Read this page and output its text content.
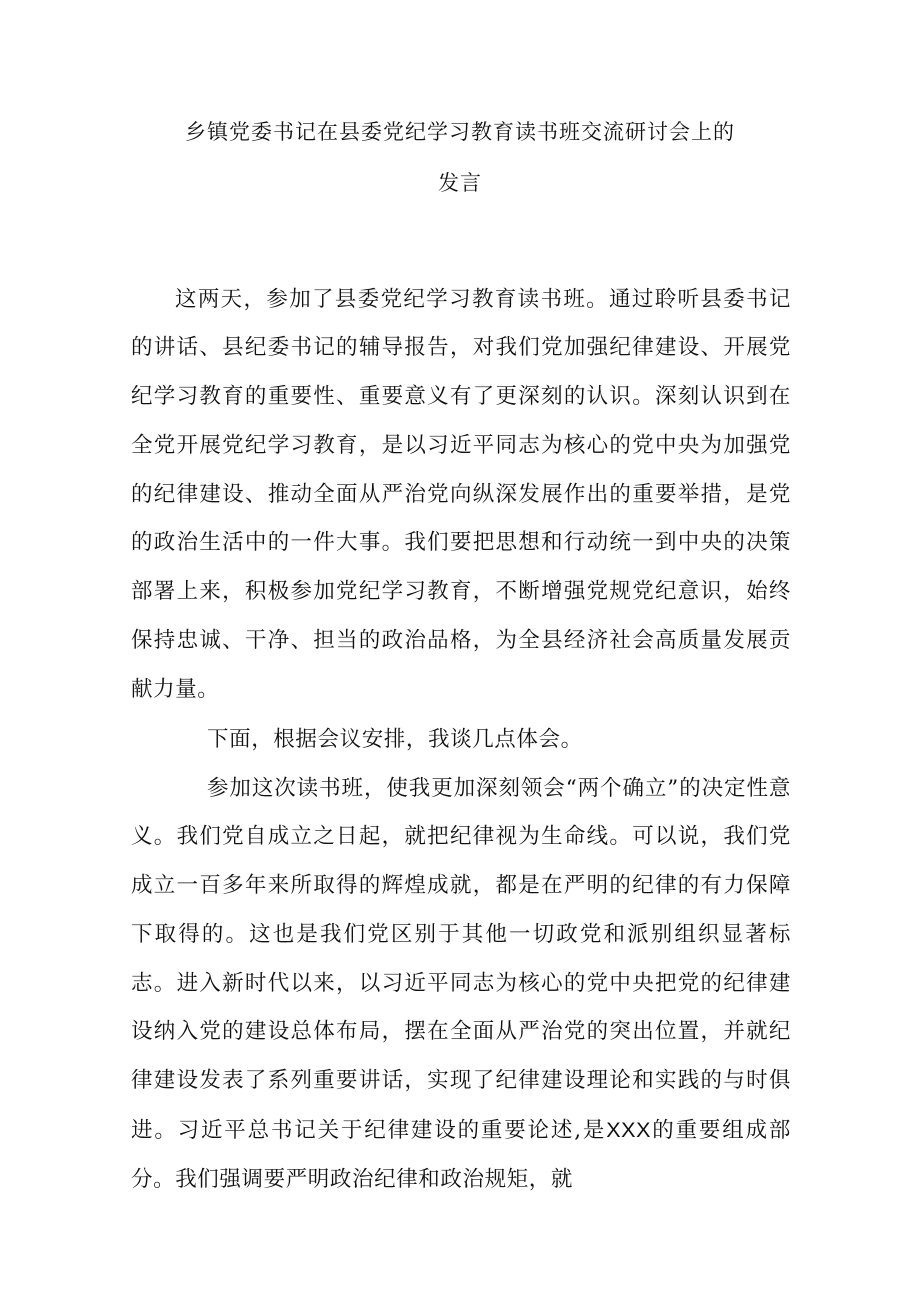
乡镇党委书记在县委党纪学习教育读书班交流研讨会上的
发言

这两天，参加了县委党纪学习教育读书班。通过聆听县委书记的讲话、县纪委书记的辅导报告，对我们党加强纪律建设、开展党纪学习教育的重要性、重要意义有了更深刻的认识。深刻认识到在全党开展党纪学习教育，是以习近平同志为核心的党中央为加强党的纪律建设、推动全面从严治党向纵深发展作出的重要举措，是党的政治生活中的一件大事。我们要把思想和行动统一到中央的决策部署上来，积极参加党纪学习教育，不断增强党规党纪意识，始终保持忠诚、干净、担当的政治品格，为全县经济社会高质量发展贡献力量。

下面，根据会议安排，我谈几点体会。

参加这次读书班，使我更加深刻领会“两个确立”的决定性意义。我们党自成立之日起，就把纪律视为生命线。可以说，我们党成立一百多年来所取得的辉煌成就，都是在严明的纪律的有力保障下取得的。这也是我们党区别于其他一切政党和派别组织显著标志。进入新时代以来，以习近平同志为核心的党中央把党的纪律建设纳入党的建设总体布局，摆在全面从严治党的突出位置，并就纪律建设发表了系列重要讲话，实现了纪律建设理论和实践的与时俱进。习近平总书记关于纪律建设的重要论述,是XXX的重要组成部分。我们强调要严明政治纪律和政治规矩，就
